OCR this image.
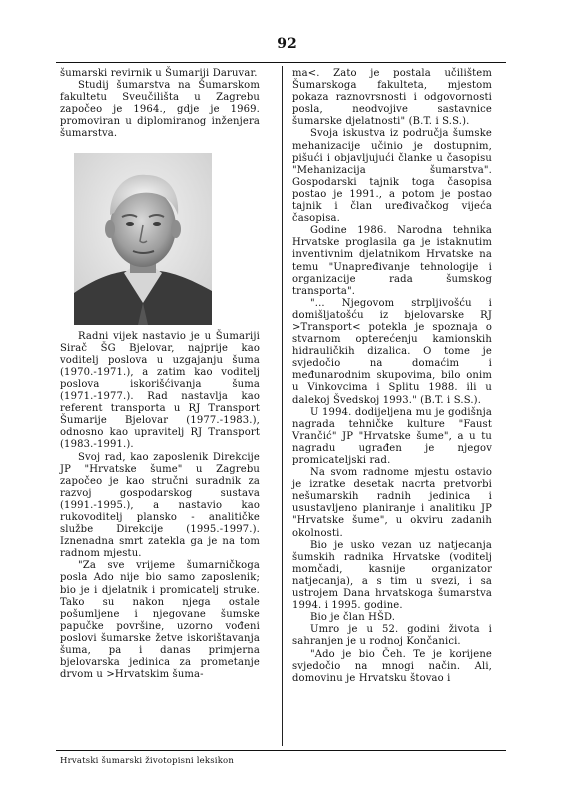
92

šumarski revirnik u Šumariji Daruvar.

Studij šumarstva na Šumarskom fakultetu Sveučilišta u Zagrebu započeo je 1964., gdje je 1969. promoviran u diplomiranog inženjera šumarstva.

Radni vijek nastavio je u Šumariji Sirač ŠG Bjelovar, najprije kao voditelj poslova u uzgajanju šuma (1970.-1971.), a zatim kao voditelj poslova iskorišćivanja šuma (1971.-1977.). Rad nastavlja kao referent transporta u RJ Transport Šumarije Bjelovar (1977.-1983.), odnosno kao upravitelj RJ Transport (1983.-1991.).

Svoj rad, kao zaposlenik Direkcije JP "Hrvatske šume" u Zagrebu započeo je kao stručni suradnik za razvoj gospodarskog sustava (1991.-1995.), a nastavio kao rukovoditelj plansko - analitičke službe Direkcije (1995.-1997.). Iznenadna smrt zatekla ga je na tom radnom mjestu.

"Za sve vrijeme šumarničkoga posla Ado nije bio samo zaposlenik; bio je i djelatnik i promicatelj struke. Tako su nakon njega ostale pošumljene i njegovane šumske papučke površine, uzorno vođeni poslovi šumarske žetve iskorištavanja šuma, pa i danas primjerna bjelovarska jedinica za prometanje drvom u >Hrvatskim šuma-

ma<. Zato je postala učilištem Šumarskoga fakulteta, mjestom pokaza raznovrsnosti i odgovornosti posla, neodvojive sastavnice šumarske djelatnosti" (B.T. i S.S.).

Svoja iskustva iz područja šumske mehanizacije učinio je dostupnim, pišući i objavljujući članke u časopisu "Mehanizacija šumarstva". Gospodarski tajnik toga časopisa postao je 1991., a potom je postao tajnik i član uređivačkog vijeća časopisa.

Godine 1986. Narodna tehnika Hrvatske proglasila ga je istaknutim inventivnim djelatnikom Hrvatske na temu "Unapređivanje tehnologije i organizacije rada šumskog transporta".

"... Njegovom strpljivošću i domišljatošću iz bjelovarske RJ >Transport< potekla je spoznaja o stvarnom opterećenju kamionskih hidrauličkih dizalica. O tome je svjedočio na domaćim i međunarodnim skupovima, bilo onim u Vinkovcima i Splitu 1988. ili u dalekoj Švedskoj 1993." (B.T. i S.S.).

U 1994. dodijeljena mu je godišnja nagrada tehničke kulture "Faust Vrančić" JP "Hrvatske šume", a u tu nagradu ugrađen je njegov promicateljski rad.

Na svom radnome mjestu ostavio je izratke desetak nacrta pretvorbi nešumarskih radnih jedinica i usustavljeno planiranje i analitiku JP "Hrvatske šume", u okviru zadanih okolnosti.

Bio je usko vezan uz natjecanja šumskih radnika Hrvatske (voditelj momčadi, kasnije organizator natjecanja), a s tim u svezi, i sa ustrojem Dana hrvatskoga šumarstva 1994. i 1995. godine.

Bio je član HŠD.

Umro je u 52. godini života i sahranjen je u rodnoj Končanici.

"Ado je bio Čeh. Te je korijene svjedočio na mnogi način. Ali, domovinu je Hrvatsku štovao i

Hrvatski šumarski životopisni leksikon
